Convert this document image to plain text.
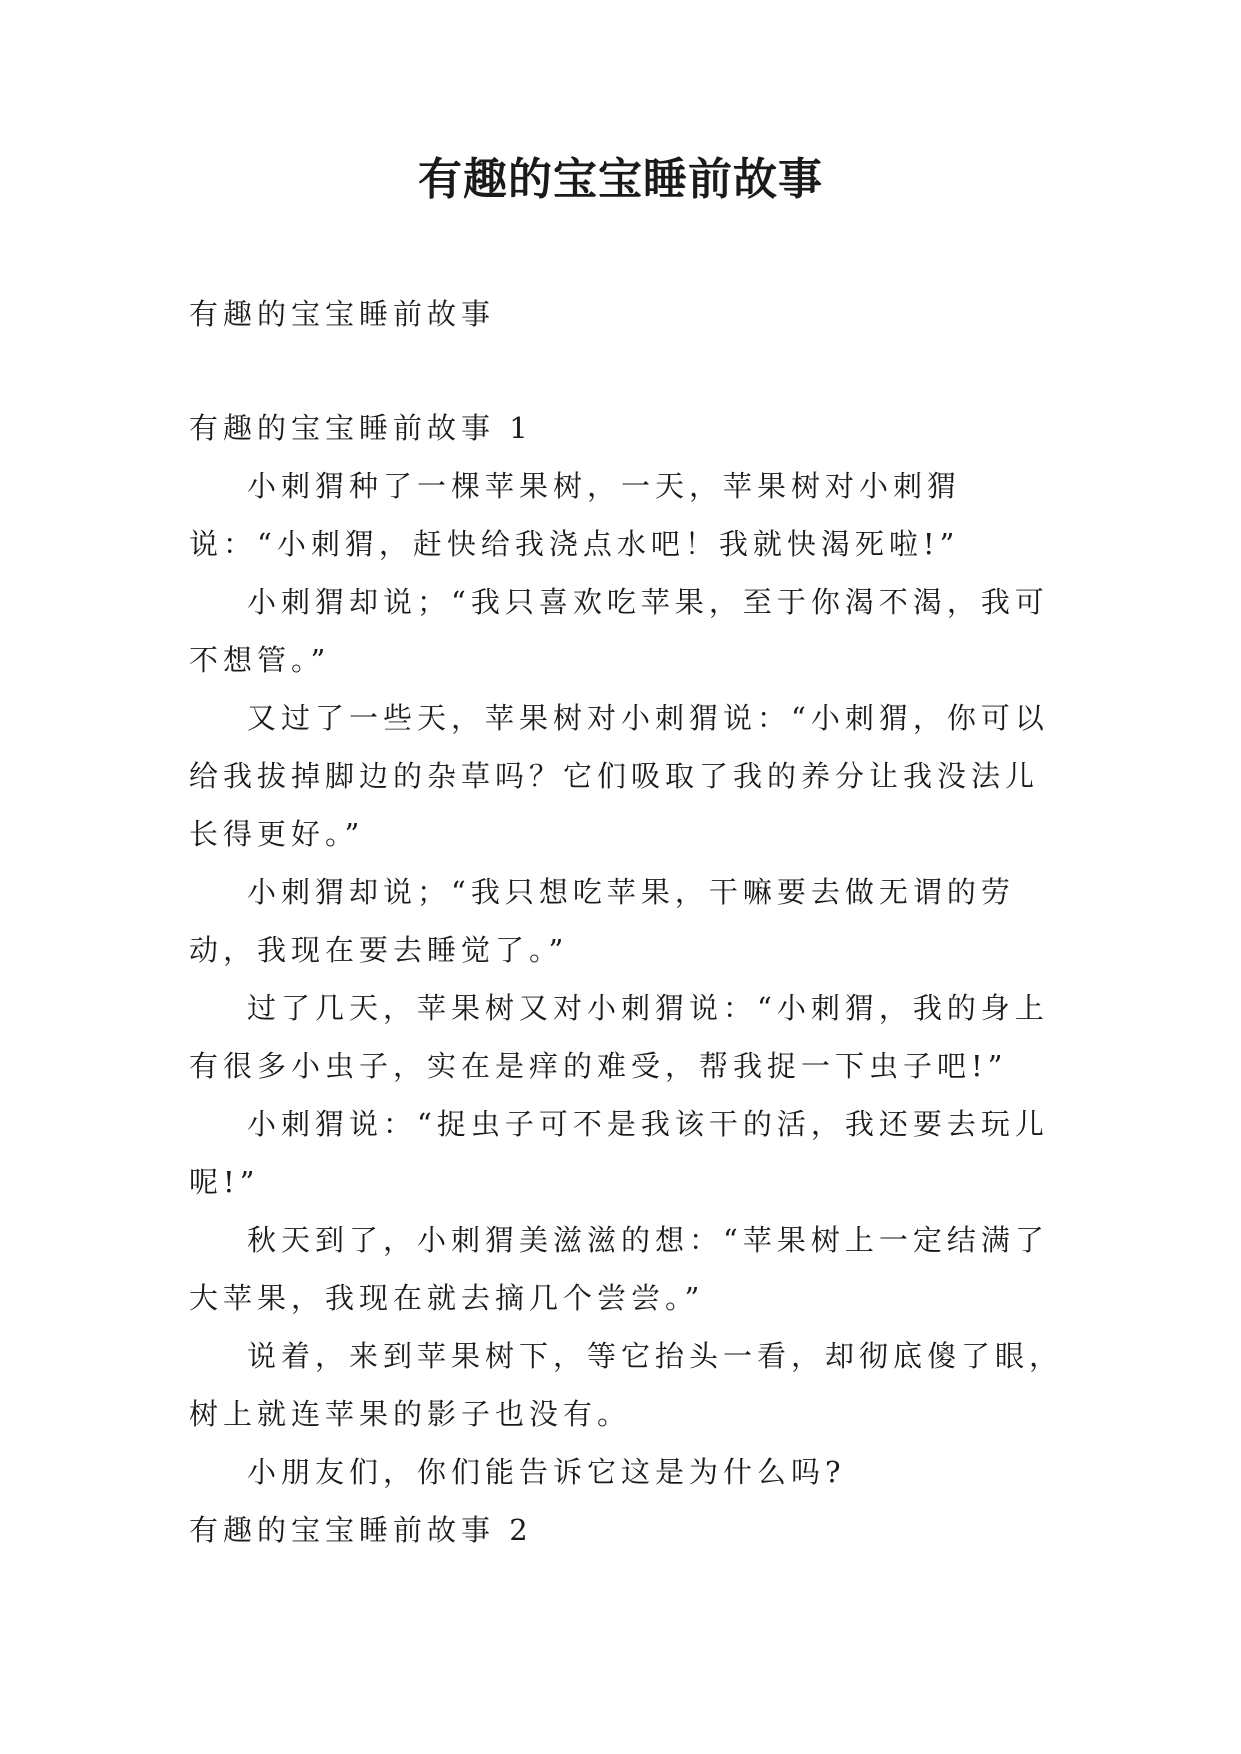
有趣的宝宝睡前故事

有趣的宝宝睡前故事

有趣的宝宝睡前故事 1

小刺猬种了一棵苹果树，一天，苹果树对小刺猬说：“小刺猬，赶快给我浇点水吧！我就快渴死啦!”

小刺猬却说；“我只喜欢吃苹果，至于你渴不渴，我可不想管。”

又过了一些天，苹果树对小刺猬说：“小刺猬，你可以给我拔掉脚边的杂草吗？它们吸取了我的养分让我没法儿长得更好。”

小刺猬却说；“我只想吃苹果，干嘛要去做无谓的劳动，我现在要去睡觉了。”

过了几天，苹果树又对小刺猬说：“小刺猬，我的身上有很多小虫子，实在是痒的难受，帮我捉一下虫子吧!”

小刺猬说：“捉虫子可不是我该干的活，我还要去玩儿呢!”

秋天到了，小刺猬美滋滋的想：“苹果树上一定结满了大苹果，我现在就去摘几个尝尝。”

说着，来到苹果树下，等它抬头一看，却彻底傻了眼，树上就连苹果的影子也没有。

小朋友们，你们能告诉它这是为什么吗?

有趣的宝宝睡前故事 2
